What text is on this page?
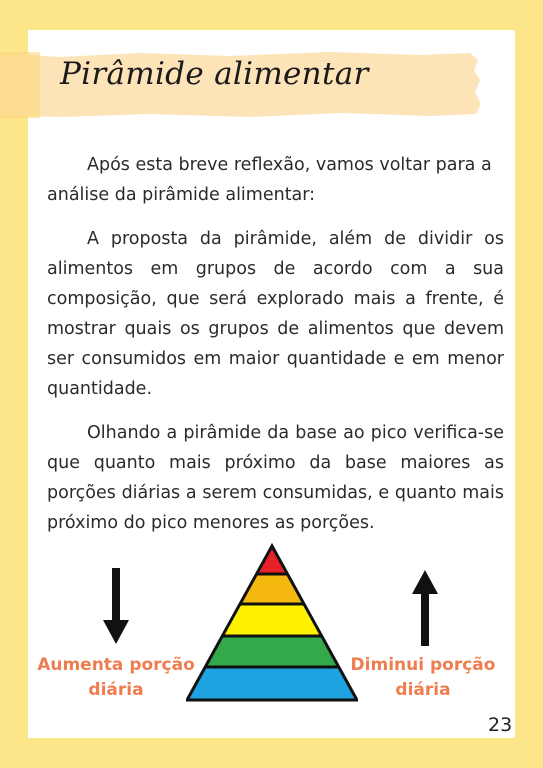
Pirâmide alimentar

Após esta breve reflexão, vamos voltar para a análise da pirâmide alimentar:

A proposta da pirâmide, além de dividir os alimentos em grupos de acordo com a sua composição, que será explorado mais a frente, é mostrar quais os grupos de alimentos que devem ser consumidos em maior quantidade e em menor quantidade.

Olhando a pirâmide da base ao pico verifica-se que quanto mais próximo da base maiores as porções diárias a serem consumidas, e quanto mais próximo do pico menores as porções.

Aumenta porção
diária
Diminui porção
diária
23
